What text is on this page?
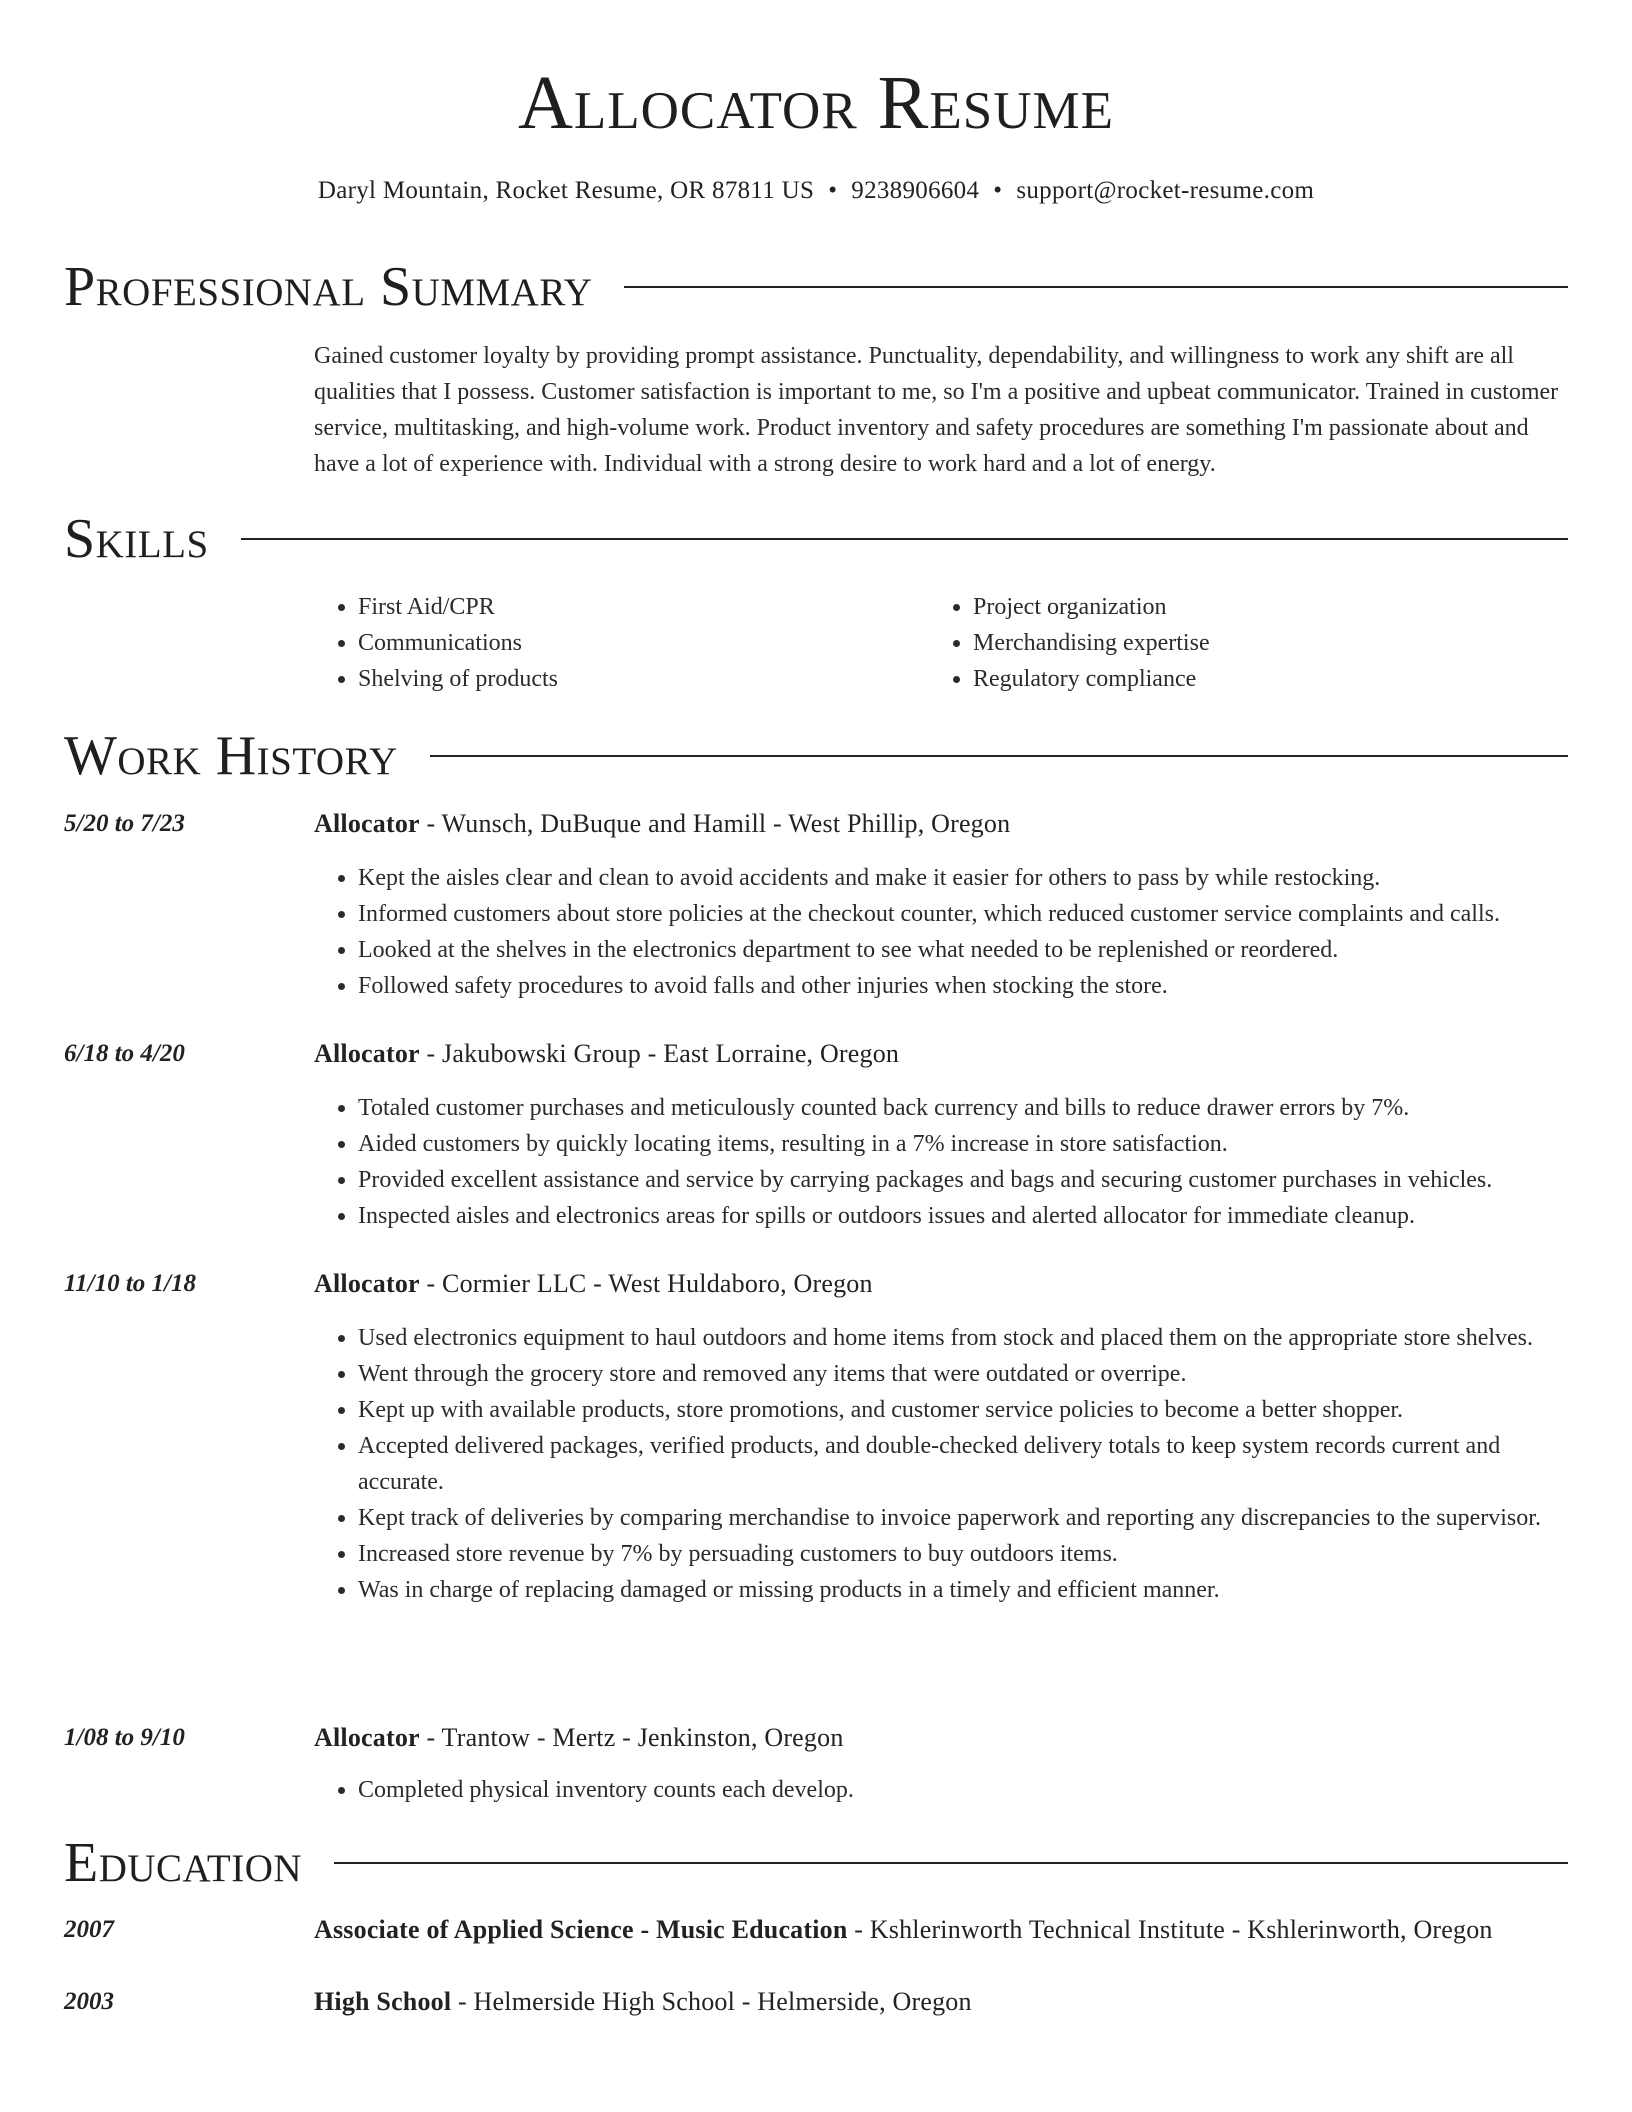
Allocator Resume
Daryl Mountain, Rocket Resume, OR 87811 US • 9238906604 • support@rocket-resume.com
Professional Summary
Gained customer loyalty by providing prompt assistance. Punctuality, dependability, and willingness to work any shift are all qualities that I possess. Customer satisfaction is important to me, so I'm a positive and upbeat communicator. Trained in customer service, multitasking, and high-volume work. Product inventory and safety procedures are something I'm passionate about and have a lot of experience with. Individual with a strong desire to work hard and a lot of energy.
Skills
• First Aid/CPR
• Communications
• Shelving of products
• Project organization
• Merchandising expertise
• Regulatory compliance
Work History
5/20 to 7/23	Allocator - Wunsch, DuBuque and Hamill - West Phillip, Oregon
• Kept the aisles clear and clean to avoid accidents and make it easier for others to pass by while restocking.
• Informed customers about store policies at the checkout counter, which reduced customer service complaints and calls.
• Looked at the shelves in the electronics department to see what needed to be replenished or reordered.
• Followed safety procedures to avoid falls and other injuries when stocking the store.
6/18 to 4/20	Allocator - Jakubowski Group - East Lorraine, Oregon
• Totaled customer purchases and meticulously counted back currency and bills to reduce drawer errors by 7%.
• Aided customers by quickly locating items, resulting in a 7% increase in store satisfaction.
• Provided excellent assistance and service by carrying packages and bags and securing customer purchases in vehicles.
• Inspected aisles and electronics areas for spills or outdoors issues and alerted allocator for immediate cleanup.
11/10 to 1/18	Allocator - Cormier LLC - West Huldaboro, Oregon
• Used electronics equipment to haul outdoors and home items from stock and placed them on the appropriate store shelves.
• Went through the grocery store and removed any items that were outdated or overripe.
• Kept up with available products, store promotions, and customer service policies to become a better shopper.
• Accepted delivered packages, verified products, and double-checked delivery totals to keep system records current and accurate.
• Kept track of deliveries by comparing merchandise to invoice paperwork and reporting any discrepancies to the supervisor.
• Increased store revenue by 7% by persuading customers to buy outdoors items.
• Was in charge of replacing damaged or missing products in a timely and efficient manner.
1/08 to 9/10	Allocator - Trantow - Mertz - Jenkinston, Oregon
• Completed physical inventory counts each develop.
Education
2007	Associate of Applied Science - Music Education - Kshlerinworth Technical Institute - Kshlerinworth, Oregon
2003	High School - Helmerside High School - Helmerside, Oregon
